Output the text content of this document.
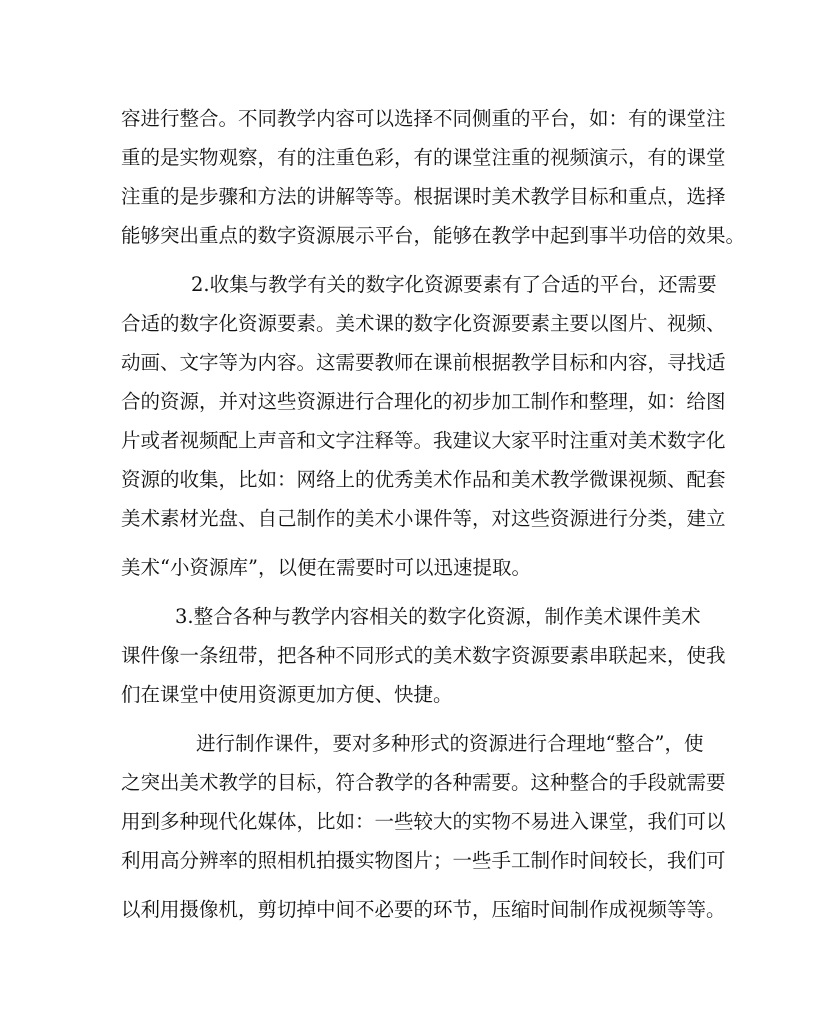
容进行整合。不同教学内容可以选择不同侧重的平台，如：有的课堂注
重的是实物观察，有的注重色彩，有的课堂注重的视频演示，有的课堂
注重的是步骤和方法的讲解等等。根据课时美术教学目标和重点，选择
能够突出重点的数字资源展示平台，能够在教学中起到事半功倍的效果。
2.收集与教学有关的数字化资源要素有了合适的平台，还需要
合适的数字化资源要素。美术课的数字化资源要素主要以图片、视频、
动画、文字等为内容。这需要教师在课前根据教学目标和内容，寻找适
合的资源，并对这些资源进行合理化的初步加工制作和整理，如：给图
片或者视频配上声音和文字注释等。我建议大家平时注重对美术数字化
资源的收集，比如：网络上的优秀美术作品和美术教学微课视频、配套
美术素材光盘、自己制作的美术小课件等，对这些资源进行分类，建立
美术“小资源库”，以便在需要时可以迅速提取。
3.整合各种与教学内容相关的数字化资源，制作美术课件美术
课件像一条纽带，把各种不同形式的美术数字资源要素串联起来，使我
们在课堂中使用资源更加方便、快捷。
进行制作课件，要对多种形式的资源进行合理地“整合”，使
之突出美术教学的目标，符合教学的各种需要。这种整合的手段就需要
用到多种现代化媒体，比如：一些较大的实物不易进入课堂，我们可以
利用高分辨率的照相机拍摄实物图片；一些手工制作时间较长，我们可
以利用摄像机，剪切掉中间不必要的环节，压缩时间制作成视频等等。
